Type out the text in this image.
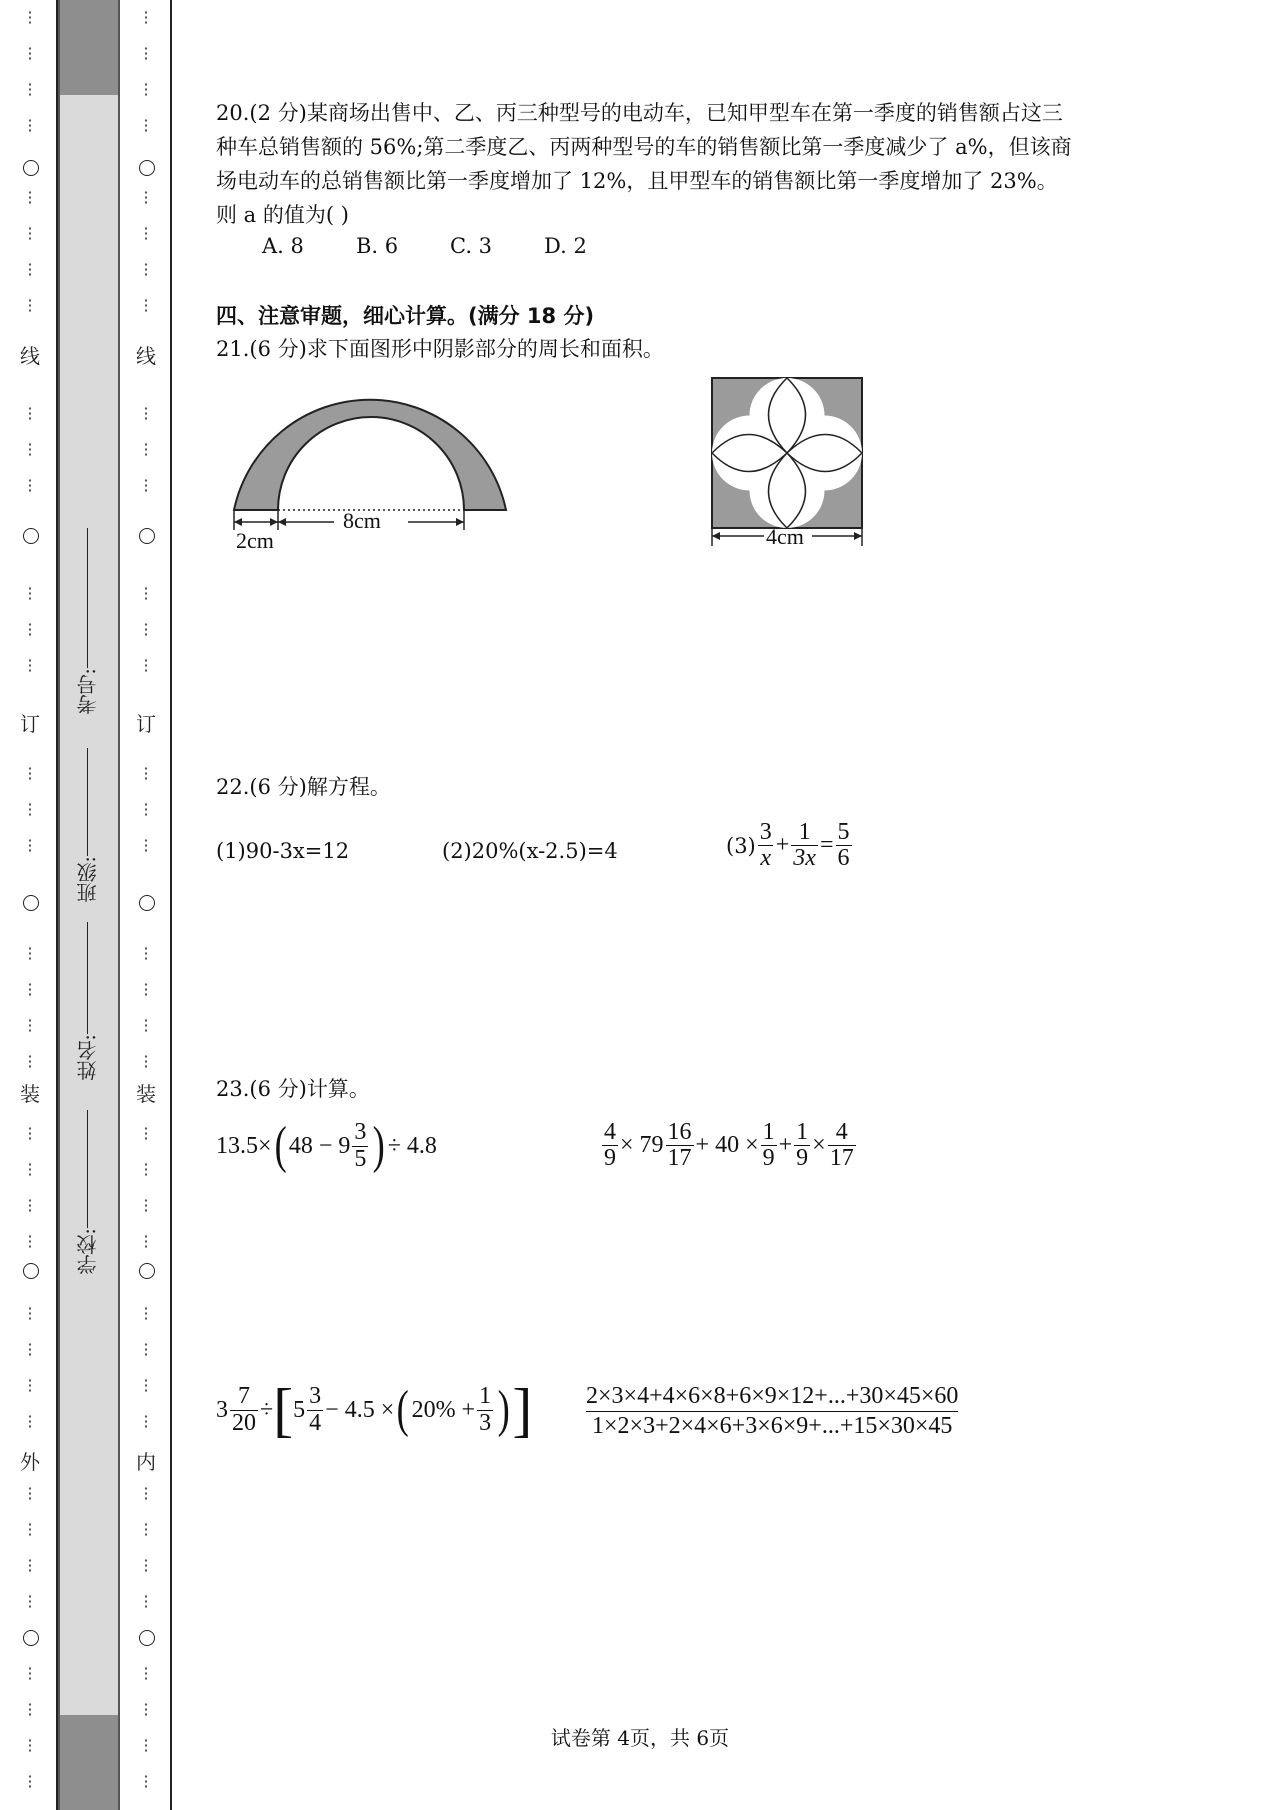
线
订
装
外
线
订
装
内
考号:
班级:
姓名:
学校:
20.(2 分)某商场出售中、乙、丙三种型号的电动车，已知甲型车在第一季度的销售额占这三种车总销售额的 56%;第二季度乙、丙两种型号的车的销售额比第一季度减少了 a%，但该商场电动车的总销售额比第一季度增加了 12%，且甲型车的销售额比第一季度增加了 23%。则 a 的值为( )
A. 8 B. 6 C. 3 D. 2
四、注意审题，细心计算。(满分 18 分)
21.(6 分)求下面图形中阴影部分的周长和面积。
2cm
8cm
4cm
22.(6 分)解方程。
(1)90-3x=12	(2)20%(x-2.5)=4	$(3) \frac{3}{x} + \frac{1}{3x} = \frac{5}{6}$
23.(6 分)计算。
13.5× ( $48 - 9 \frac{3}{5}$ ) ÷ 4.8	$\frac{4}{9} \times 79 \frac{16}{17} + 40 \times \frac{1}{9} + \frac{1}{9} \times \frac{4}{17}$
$3 \frac{7}{20}$ ÷ [ $5 \frac{3}{4} - 4.5$ × ( $20\% + \frac{1}{3}$ ) ] $\frac{2\times 3\times 4+4\times 6\times 8+6\times 9\times 12+...+30\times 45\times 60}{1\times 2\times 3+2\times 4\times 6+3\times 6\times 9+...+15\times 30\times 45}$
试卷第 4页，共 6页
⋮
⋮
⋮
⋮
⋮
⋮
⋮
⋮
⋮
⋮
⋮
⋮
⋮
⋮
⋮
⋮
⋮
⋮
⋮
⋮
⋮
⋮
⋮
⋮
⋮
⋮
⋮
⋮
⋮
⋮
⋮
⋮
⋮
⋮
⋮
⋮
⋮
⋮
⋮
⋮
⋮
⋮
⋮
⋮
⋮
⋮
⋮
⋮
⋮
⋮
⋮
⋮
⋮
⋮
⋮
⋮
⋮
⋮
⋮
⋮
⋮
⋮
⋮
⋮
⋮
⋮
⋮
⋮
⋮
⋮
⋮
⋮
⋮
⋮
